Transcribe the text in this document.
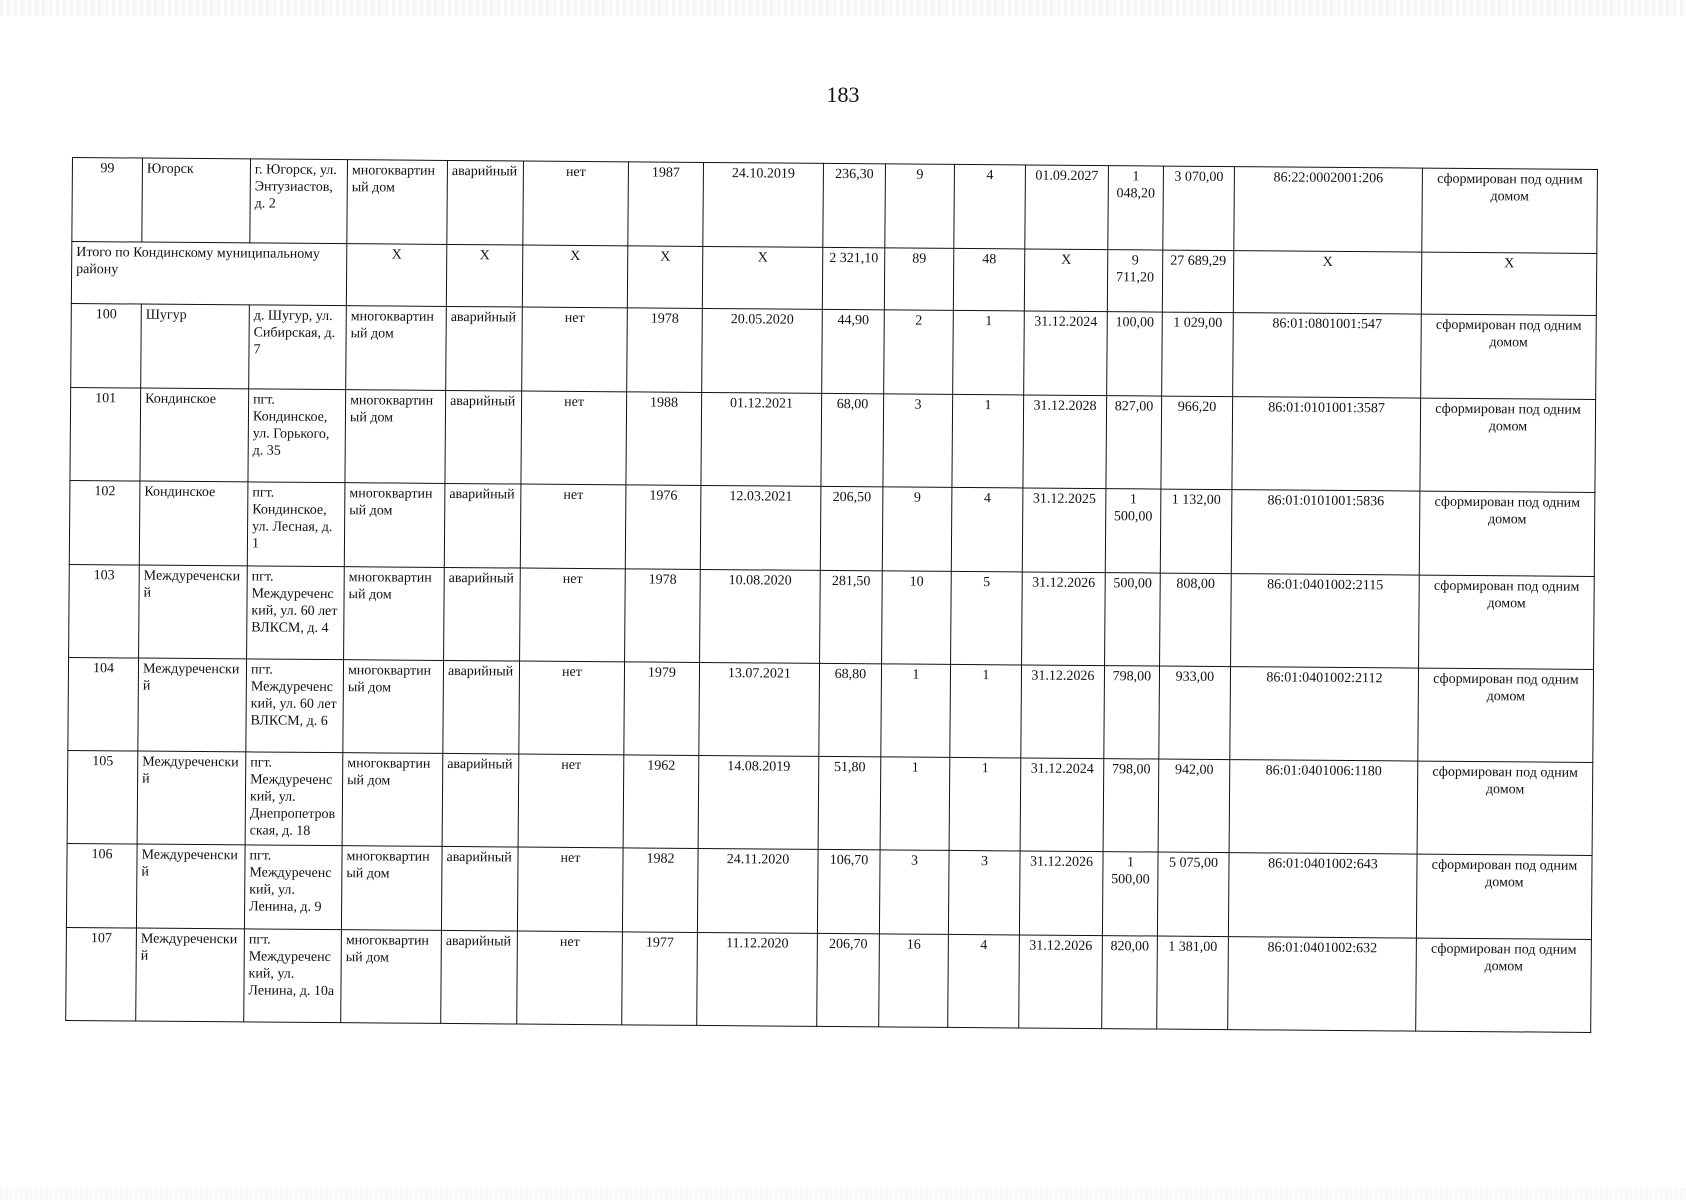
183
99	Югорск	г. Югорск, ул. Энтузиастов, д. 2	многоквартиный дом	аварийный	нет	1987	24.10.2019	236,30	9	4	01.09.2027	1 048,20	3 070,00	86:22:0002001:206	сформирован под одним домом
Итого по Кондинскому муниципальному району			Х	Х	Х	Х	Х	2 321,10	89	48	Х	9 711,20	27 689,29	Х	Х
100	Шугур	д. Шугур, ул. Сибирская, д. 7	многоквартиный дом	аварийный	нет	1978	20.05.2020	44,90	2	1	31.12.2024	100,00	1 029,00	86:01:0801001:547	сформирован под одним домом
101	Кондинское	пгт. Кондинское, ул. Горького, д. 35	многоквартиный дом	аварийный	нет	1988	01.12.2021	68,00	3	1	31.12.2028	827,00	966,20	86:01:0101001:3587	сформирован под одним домом
102	Кондинское	пгт. Кондинское, ул. Лесная, д. 1	многоквартиный дом	аварийный	нет	1976	12.03.2021	206,50	9	4	31.12.2025	1 500,00	1 132,00	86:01:0101001:5836	сформирован под одним домом
103	Междуреченский	пгт. Междуреченский, ул. 60 лет ВЛКСМ, д. 4	многоквартиный дом	аварийный	нет	1978	10.08.2020	281,50	10	5	31.12.2026	500,00	808,00	86:01:0401002:2115	сформирован под одним домом
104	Междуреченский	пгт. Междуреченский, ул. 60 лет ВЛКСМ, д. 6	многоквартиный дом	аварийный	нет	1979	13.07.2021	68,80	1	1	31.12.2026	798,00	933,00	86:01:0401002:2112	сформирован под одним домом
105	Междуреченский	пгт. Междуреченский, ул. Днепропетровская, д. 18	многоквартиный дом	аварийный	нет	1962	14.08.2019	51,80	1	1	31.12.2024	798,00	942,00	86:01:0401006:1180	сформирован под одним домом
106	Междуреченский	пгт. Междуреченский, ул. Ленина, д. 9	многоквартиный дом	аварийный	нет	1982	24.11.2020	106,70	3	3	31.12.2026	1 500,00	5 075,00	86:01:0401002:643	сформирован под одним домом
107	Междуреченский	пгт. Междуреченский, ул. Ленина, д. 10а	многоквартиный дом	аварийный	нет	1977	11.12.2020	206,70	16	4	31.12.2026	820,00	1 381,00	86:01:0401002:632	сформирован под одним домом
